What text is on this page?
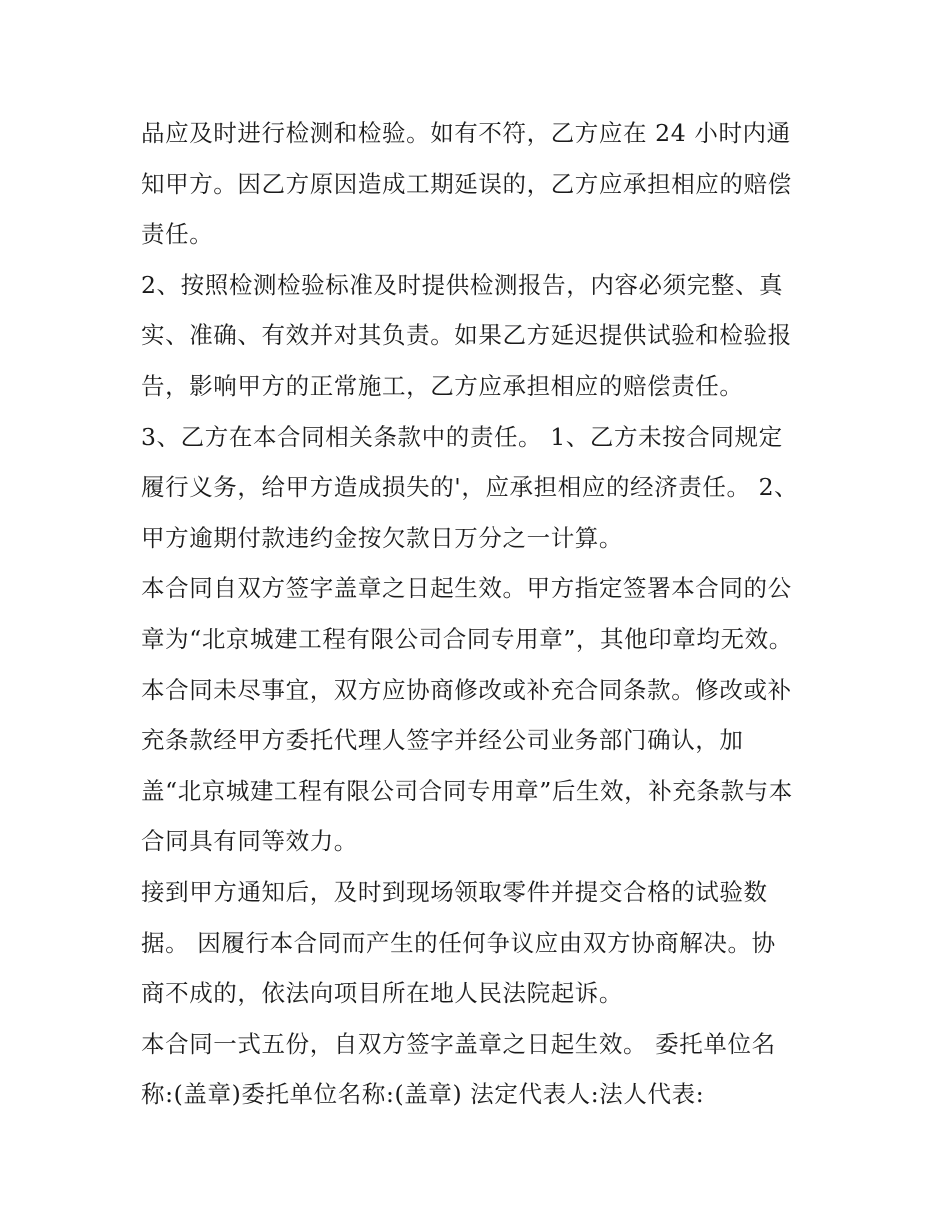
品应及时进行检测和检验。如有不符，乙方应在 24 小时内通
知甲方。因乙方原因造成工期延误的，乙方应承担相应的赔偿
责任。
2、按照检测检验标准及时提供检测报告，内容必须完整、真
实、准确、有效并对其负责。如果乙方延迟提供试验和检验报
告，影响甲方的正常施工，乙方应承担相应的赔偿责任。
3、乙方在本合同相关条款中的责任。 1、乙方未按合同规定
履行义务，给甲方造成损失的'，应承担相应的经济责任。 2、
甲方逾期付款违约金按欠款日万分之一计算。
本合同自双方签字盖章之日起生效。甲方指定签署本合同的公
章为“北京城建工程有限公司合同专用章”，其他印章均无效。
本合同未尽事宜，双方应协商修改或补充合同条款。修改或补
充条款经甲方委托代理人签字并经公司业务部门确认，加
盖“北京城建工程有限公司合同专用章”后生效，补充条款与本
合同具有同等效力。
接到甲方通知后，及时到现场领取零件并提交合格的试验数
据。 因履行本合同而产生的任何争议应由双方协商解决。协
商不成的，依法向项目所在地人民法院起诉。
本合同一式五份，自双方签字盖章之日起生效。 委托单位名
称:(盖章)委托单位名称:(盖章) 法定代表人:法人代表:
